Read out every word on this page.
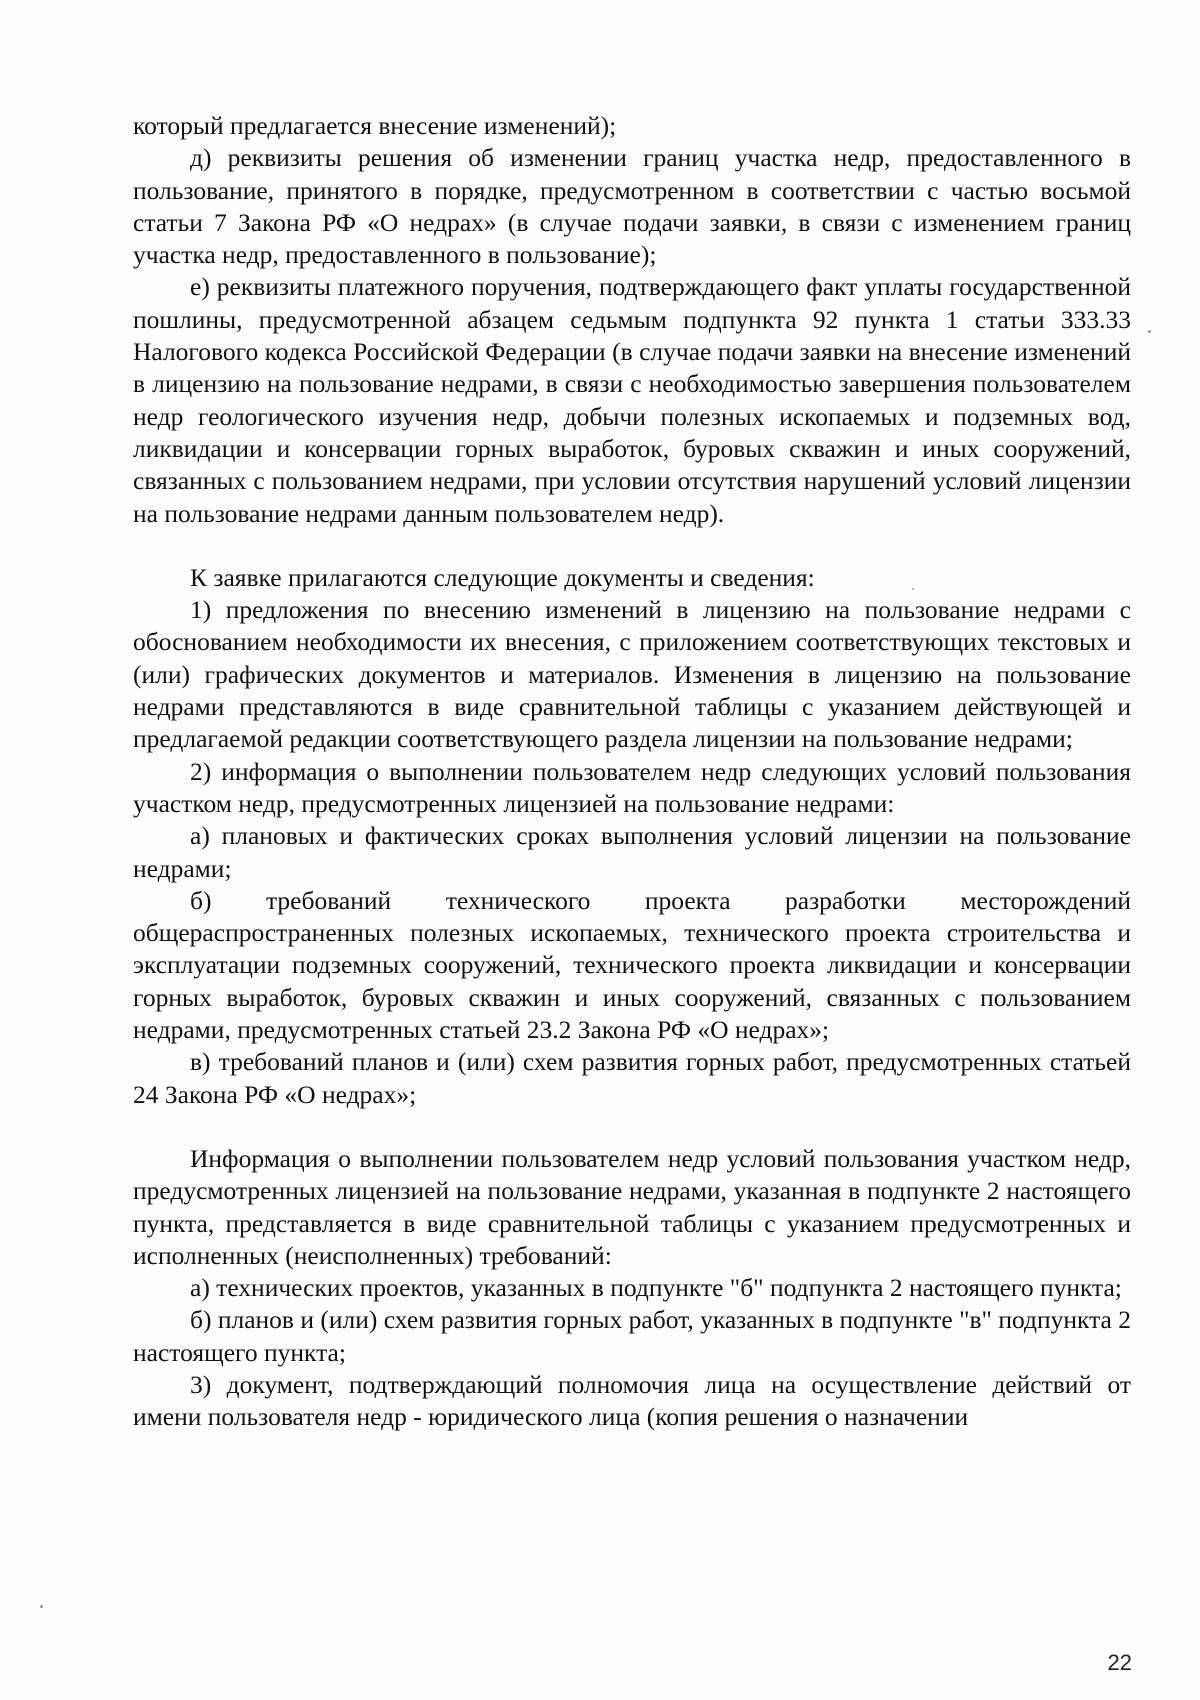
который предлагается внесение изменений);

д) реквизиты решения об изменении границ участка недр, предоставленного в пользование, принятого в порядке, предусмотренном в соответствии с частью восьмой статьи 7 Закона РФ «О недрах» (в случае подачи заявки, в связи с изменением границ участка недр, предоставленного в пользование);

е) реквизиты платежного поручения, подтверждающего факт уплаты государственной пошлины, предусмотренной абзацем седьмым подпункта 92 пункта 1 статьи 333.33 Налогового кодекса Российской Федерации (в случае подачи заявки на внесение изменений в лицензию на пользование недрами, в связи с необходимостью завершения пользователем недр геологического изучения недр, добычи полезных ископаемых и подземных вод, ликвидации и консервации горных выработок, буровых скважин и иных сооружений, связанных с пользованием недрами, при условии отсутствия нарушений условий лицензии на пользование недрами данным пользователем недр).

К заявке прилагаются следующие документы и сведения:

1) предложения по внесению изменений в лицензию на пользование недрами с обоснованием необходимости их внесения, с приложением соответствующих текстовых и (или) графических документов и материалов. Изменения в лицензию на пользование недрами представляются в виде сравнительной таблицы с указанием действующей и предлагаемой редакции соответствующего раздела лицензии на пользование недрами;

2) информация о выполнении пользователем недр следующих условий пользования участком недр, предусмотренных лицензией на пользование недрами:

а) плановых и фактических сроках выполнения условий лицензии на пользование недрами;

б) требований технического проекта разработки месторождений общераспространенных полезных ископаемых, технического проекта строительства и эксплуатации подземных сооружений, технического проекта ликвидации и консервации горных выработок, буровых скважин и иных сооружений, связанных с пользованием недрами, предусмотренных статьей 23.2 Закона РФ «О недрах»;

в) требований планов и (или) схем развития горных работ, предусмотренных статьей 24 Закона РФ «О недрах»;

Информация о выполнении пользователем недр условий пользования участком недр, предусмотренных лицензией на пользование недрами, указанная в подпункте 2 настоящего пункта, представляется в виде сравнительной таблицы с указанием предусмотренных и исполненных (неисполненных) требований:

а) технических проектов, указанных в подпункте "б" подпункта 2 настоящего пункта;

б) планов и (или) схем развития горных работ, указанных в подпункте "в" подпункта 2 настоящего пункта;

3) документ, подтверждающий полномочия лица на осуществление действий от имени пользователя недр - юридического лица (копия решения о назначении

22
